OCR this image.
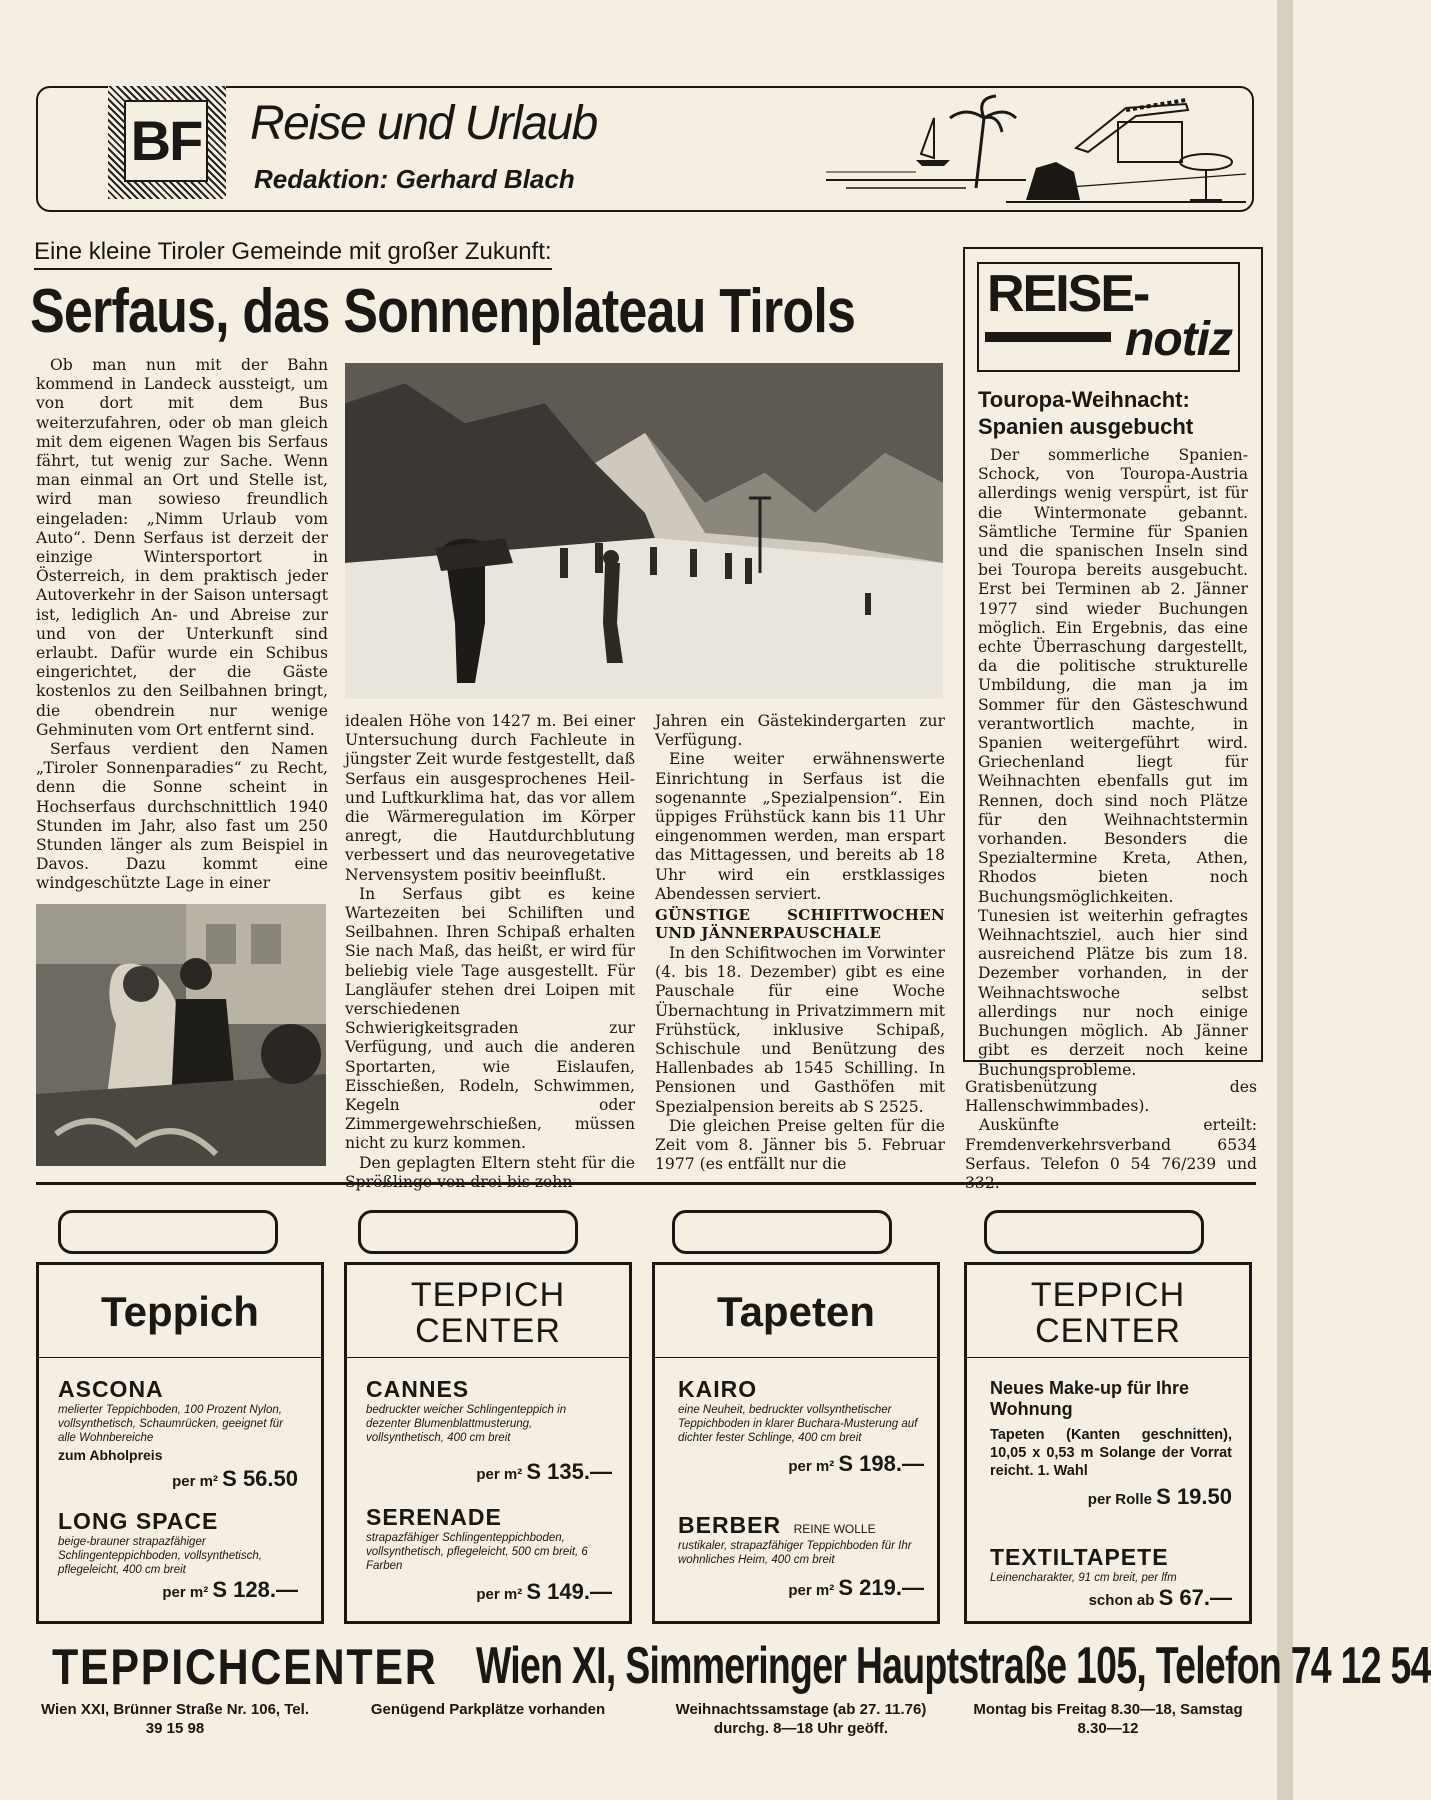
BF Reise und Urlaub
Redaktion: Gerhard Blach
Eine kleine Tiroler Gemeinde mit großer Zukunft:
Serfaus, das Sonnenplateau Tirols

Ob man nun mit der Bahn kommend in Landeck aussteigt, um von dort mit dem Bus weiterzufahren, oder ob man gleich mit dem eigenen Wagen bis Serfaus fährt, tut wenig zur Sache. Wenn man einmal an Ort und Stelle ist, wird man sowieso freundlich eingeladen: „Nimm Urlaub vom Auto“. Denn Serfaus ist derzeit der einzige Wintersportort in Österreich, in dem praktisch jeder Autoverkehr in der Saison untersagt ist, lediglich An- und Abreise zur und von der Unterkunft sind erlaubt. Dafür wurde ein Schibus eingerichtet, der die Gäste kostenlos zu den Seilbahnen bringt, die obendrein nur wenige Gehminuten vom Ort entfernt sind.

Serfaus verdient den Namen „Tiroler Sonnenparadies“ zu Recht, denn die Sonne scheint in Hochserfaus durchschnittlich 1940 Stunden im Jahr, also fast um 250 Stunden länger als zum Beispiel in Davos. Dazu kommt eine windgeschützte Lage in einer

idealen Höhe von 1427 m. Bei einer Untersuchung durch Fachleute in jüngster Zeit wurde festgestellt, daß Serfaus ein ausgesprochenes Heil- und Luftkurklima hat, das vor allem die Wärmeregulation im Körper anregt, die Hautdurchblutung verbessert und das neurovegetative Nervensystem positiv beeinflußt.

In Serfaus gibt es keine Wartezeiten bei Schiliften und Seilbahnen. Ihren Schipaß erhalten Sie nach Maß, das heißt, er wird für beliebig viele Tage ausgestellt. Für Langläufer stehen drei Loipen mit verschiedenen Schwierigkeitsgraden zur Verfügung, und auch die anderen Sportarten, wie Eislaufen, Eisschießen, Rodeln, Schwimmen, Kegeln oder Zimmergewehrschießen, müssen nicht zu kurz kommen.

Den geplagten Eltern steht für die Sprößlinge von drei bis zehn

Jahren ein Gästekindergarten zur Verfügung.

Eine weiter erwähnenswerte Einrichtung in Serfaus ist die sogenannte „Spezialpension“. Ein üppiges Frühstück kann bis 11 Uhr eingenommen werden, man erspart das Mittagessen, und bereits ab 18 Uhr wird ein erstklassiges Abendessen serviert.

GÜNSTIGE SCHIFITWOCHEN UND JÄNNERPAUSCHALE

In den Schifitwochen im Vorwinter (4. bis 18. Dezember) gibt es eine Pauschale für eine Woche Übernachtung in Privatzimmern mit Frühstück, inklusive Schipaß, Schischule und Benützung des Hallenbades ab 1545 Schilling. In Pensionen und Gasthöfen mit Spezialpension bereits ab S 2525.

Die gleichen Preise gelten für die Zeit vom 8. Jänner bis 5. Februar 1977 (es entfällt nur die

REISE-
notiz
Touropa-Weihnacht: Spanien ausgebucht

Der sommerliche Spanien-Schock, von Touropa-Austria allerdings wenig verspürt, ist für die Wintermonate gebannt. Sämtliche Termine für Spanien und die spanischen Inseln sind bei Touropa bereits ausgebucht. Erst bei Terminen ab 2. Jänner 1977 sind wieder Buchungen möglich. Ein Ergebnis, das eine echte Überraschung dargestellt, da die politische strukturelle Umbildung, die man ja im Sommer für den Gästeschwund verantwortlich machte, in Spanien weitergeführt wird. Griechenland liegt für Weihnachten ebenfalls gut im Rennen, doch sind noch Plätze für den Weihnachtstermin vorhanden. Besonders die Spezialtermine Kreta, Athen, Rhodos bieten noch Buchungsmöglichkeiten. Tunesien ist weiterhin gefragtes Weihnachtsziel, auch hier sind ausreichend Plätze bis zum 18. Dezember vorhanden, in der Weihnachtswoche selbst allerdings nur noch einige Buchungen möglich. Ab Jänner gibt es derzeit noch keine Buchungsprobleme.

Gratisbenützung des Hallenschwimmbades).

Auskünfte erteilt: Fremdenverkehrsverband 6534 Serfaus. Telefon 0 54 76/239 und 332.

Teppich	TEPPICH
CENTER	Tapeten	TEPPICH
CENTER
ASCONA
melierter Teppichboden, 100 Prozent Nylon, vollsynthetisch, Schaumrücken, geeignet für alle Wohnbereiche
zum Abholpreis
per m² S 56.50
LONG SPACE
beige-brauner strapazfähiger Schlingenteppichboden, vollsynthetisch, pflegeleicht, 400 cm breit
per m² S 128.—
CANNES
bedruckter weicher Schlingenteppich in dezenter Blumenblattmusterung, vollsynthetisch, 400 cm breit
per m² S 135.—
SERENADE
strapazfähiger Schlingenteppichboden, vollsynthetisch, pflegeleicht, 500 cm breit, 6 Farben
per m² S 149.—
KAIRO
eine Neuheit, bedruckter vollsynthetischer Teppichboden in klarer Buchara-Musterung auf dichter fester Schlinge, 400 cm breit
per m² S 198.—
BERBER REINE WOLLE
rustikaler, strapazfähiger Teppichboden für Ihr wohnliches Heim, 400 cm breit
per m² S 219.—
Neues Make-up für Ihre Wohnung
Tapeten (Kanten geschnitten), 10,05 x 0,53 m Solange der Vorrat reicht. 1. Wahl
per Rolle S 19.50
TEXTILTAPETE
Leinencharakter, 91 cm breit, per lfm
schon ab S 67.—
TEPPICHCENTER Wien XI, Simmeringer Hauptstraße 105, Telefon 74 12 54
Wien XXI, Brünner Straße Nr. 106, Tel. 39 15 98
Genügend Parkplätze vorhanden	Weihnachtssamstage (ab 27. 11.76) durchg. 8—18 Uhr geöff.
Montag bis Freitag 8.30—18, Samstag 8.30—12
